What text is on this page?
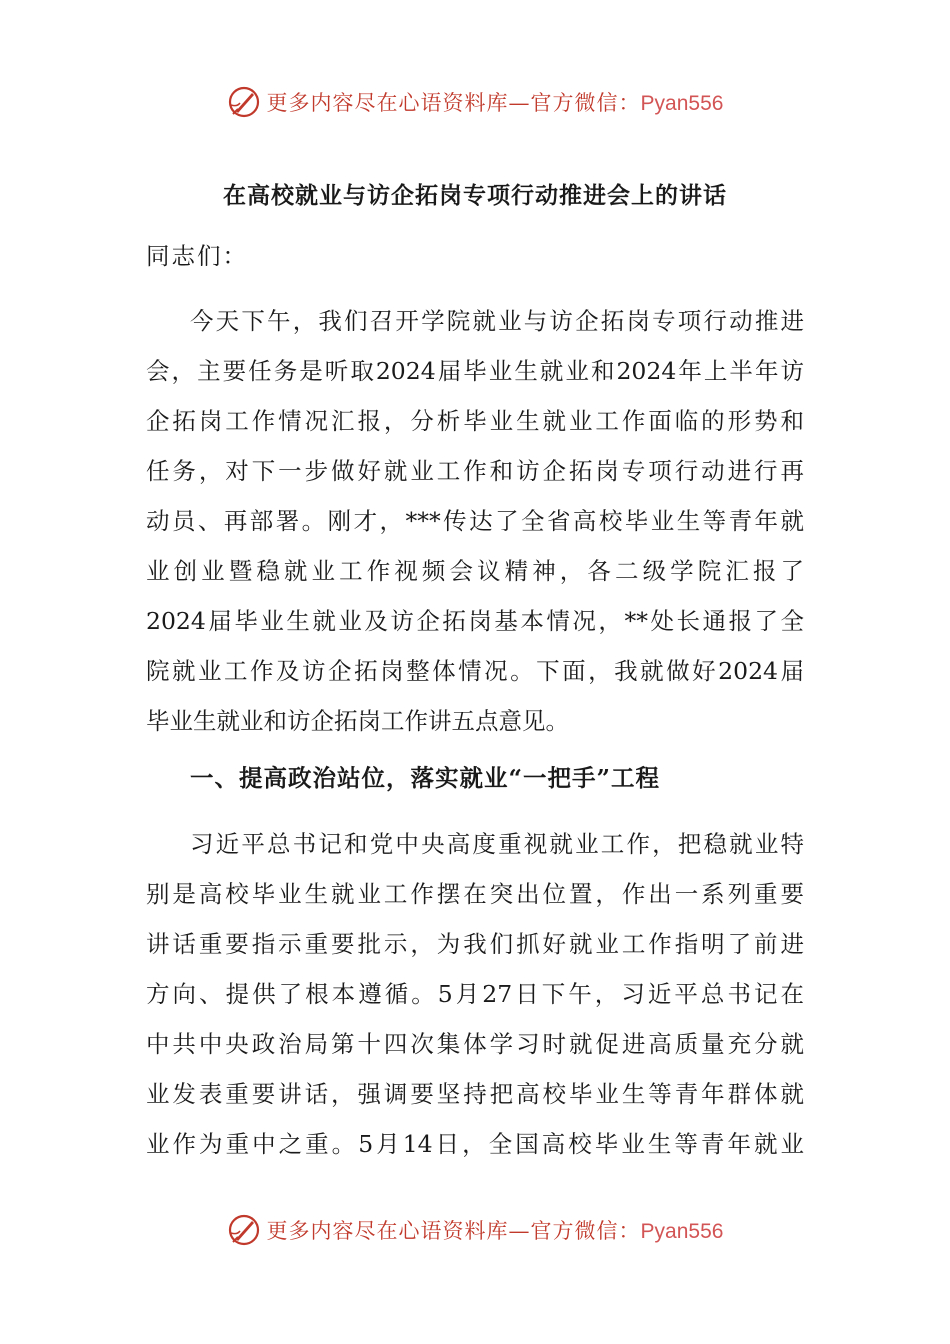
更多内容尽在心语资料库—官方微信：Pyan556
在高校就业与访企拓岗专项行动推进会上的讲话
同志们：
今天下午，我们召开学院就业与访企拓岗专项行动推进
会，主要任务是听取2024届毕业生就业和2024年上半年访
企拓岗工作情况汇报，分析毕业生就业工作面临的形势和
任务，对下一步做好就业工作和访企拓岗专项行动进行再
动员、再部署。刚才，***传达了全省高校毕业生等青年就
业创业暨稳就业工作视频会议精神，各二级学院汇报了
2024届毕业生就业及访企拓岗基本情况，**处长通报了全
院就业工作及访企拓岗整体情况。下面，我就做好2024届
毕业生就业和访企拓岗工作讲五点意见。
一、提高政治站位，落实就业“一把手”工程
习近平总书记和党中央高度重视就业工作，把稳就业特
别是高校毕业生就业工作摆在突出位置，作出一系列重要
讲话重要指示重要批示，为我们抓好就业工作指明了前进
方向、提供了根本遵循。5月27日下午，习近平总书记在
中共中央政治局第十四次集体学习时就促进高质量充分就
业发表重要讲话，强调要坚持把高校毕业生等青年群体就
业作为重中之重。5月14日，全国高校毕业生等青年就业
更多内容尽在心语资料库—官方微信：Pyan556
